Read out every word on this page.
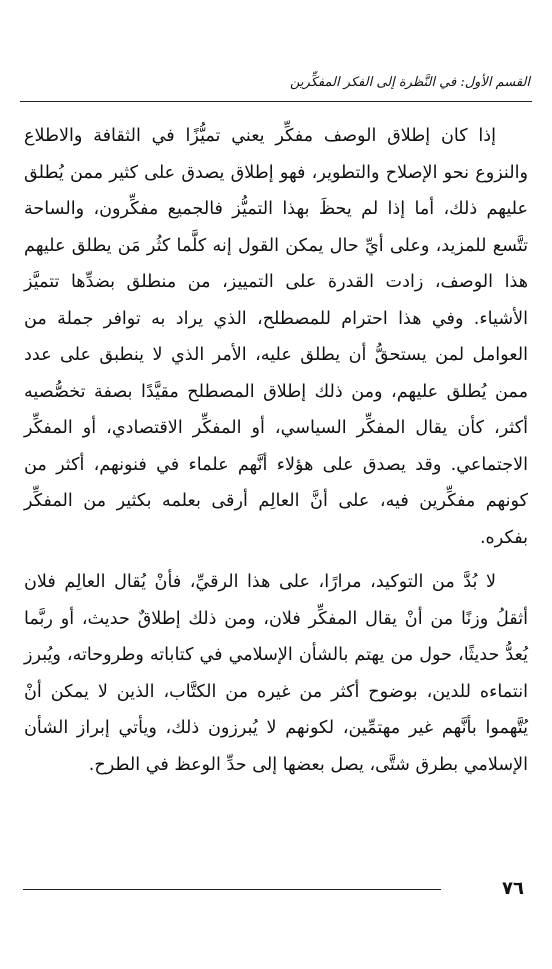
القسم الأول: في النَّظرة إلى الفكر المفكِّرين

إذا كان إطلاق الوصف مفكِّر يعني تميُّزًا في الثقافة والاطلاع والنزوع نحو الإصلاح والتطوير، فهو إطلاق يصدق على كثير ممن يُطلق عليهم ذلك، أما إذا لم يحظَ بهذا التميُّز فالجميع مفكِّرون، والساحة تتَّسع للمزيد، وعلى أيِّ حال يمكن القول إنه كلَّما كثُر مَن يطلق عليهم هذا الوصف، زادت القدرة على التمييز، من منطلق بضدِّها تتميَّز الأشياء. وفي هذا احترام للمصطلح، الذي يراد به توافر جملة من العوامل لمن يستحقُّ أن يطلق عليه، الأمر الذي لا ينطبق على عدد ممن يُطلق عليهم، ومن ذلك إطلاق المصطلح مقيَّدًا بصفة تخصُّصيه أكثر، كأن يقال المفكِّر السياسي، أو المفكِّر الاقتصادي، أو المفكِّر الاجتماعي. وقد يصدق على هؤلاء أنَّهم علماء في فنونهم، أكثر من كونهم مفكِّرين فيه، على أنَّ العالِم أرقى بعلمه بكثير من المفكِّر بفكره.

لا بُدَّ من التوكيد، مرارًا، على هذا الرقيِّ، فأنْ يُقال العالِم فلان أثقلُ وزنًا من أنْ يقال المفكِّر فلان، ومن ذلك إطلاقٌ حديث، أو ربَّما يُعدُّ حديثًا، حول من يهتم بالشأن الإسلامي في كتاباته وطروحاته، ويُبرز انتماءه للدين، بوضوح أكثر من غيره من الكتَّاب، الذين لا يمكن أنْ يُتَّهموا بأنَّهم غير مهتمِّين، لكونهم لا يُبرزون ذلك، ويأتي إبراز الشأن الإسلامي بطرق شتَّى، يصل بعضها إلى حدِّ الوعظ في الطرح.

٧٦
